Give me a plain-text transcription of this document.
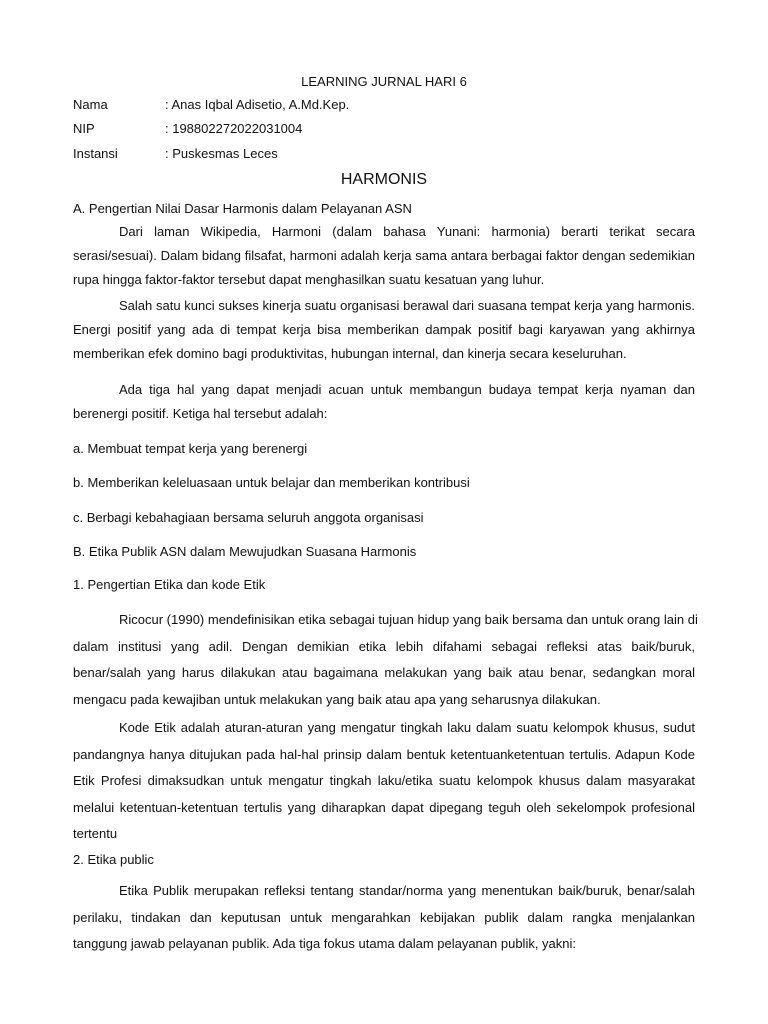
LEARNING JURNAL HARI 6
Nama	: Anas Iqbal Adisetio, A.Md.Kep.
NIP	: 198802272022031004
Instansi	: Puskesmas Leces
HARMONIS
A. Pengertian Nilai Dasar Harmonis dalam Pelayanan ASN
Dari laman Wikipedia, Harmoni (dalam bahasa Yunani: harmonia) berarti terikat secara
serasi/sesuai). Dalam bidang filsafat, harmoni adalah kerja sama antara berbagai faktor dengan sedemikian
rupa hingga faktor-faktor tersebut dapat menghasilkan suatu kesatuan yang luhur.
Salah satu kunci sukses kinerja suatu organisasi berawal dari suasana tempat kerja yang harmonis.
Energi positif yang ada di tempat kerja bisa memberikan dampak positif bagi karyawan yang akhirnya
memberikan efek domino bagi produktivitas, hubungan internal, dan kinerja secara keseluruhan.
Ada tiga hal yang dapat menjadi acuan untuk membangun budaya tempat kerja nyaman dan
berenergi positif. Ketiga hal tersebut adalah:
a. Membuat tempat kerja yang berenergi
b. Memberikan keleluasaan untuk belajar dan memberikan kontribusi
c. Berbagi kebahagiaan bersama seluruh anggota organisasi
B. Etika Publik ASN dalam Mewujudkan Suasana Harmonis
1. Pengertian Etika dan kode Etik
Ricocur (1990) mendefinisikan etika sebagai tujuan hidup yang baik bersama dan untuk orang lain di
dalam institusi yang adil. Dengan demikian etika lebih difahami sebagai refleksi atas baik/buruk,
benar/salah yang harus dilakukan atau bagaimana melakukan yang baik atau benar, sedangkan moral
mengacu pada kewajiban untuk melakukan yang baik atau apa yang seharusnya dilakukan.
Kode Etik adalah aturan-aturan yang mengatur tingkah laku dalam suatu kelompok khusus, sudut
pandangnya hanya ditujukan pada hal-hal prinsip dalam bentuk ketentuanketentuan tertulis. Adapun Kode
Etik Profesi dimaksudkan untuk mengatur tingkah laku/etika suatu kelompok khusus dalam masyarakat
melalui ketentuan-ketentuan tertulis yang diharapkan dapat dipegang teguh oleh sekelompok profesional
tertentu
2. Etika public
Etika Publik merupakan refleksi tentang standar/norma yang menentukan baik/buruk, benar/salah
perilaku, tindakan dan keputusan untuk mengarahkan kebijakan publik dalam rangka menjalankan
tanggung jawab pelayanan publik. Ada tiga fokus utama dalam pelayanan publik, yakni:
